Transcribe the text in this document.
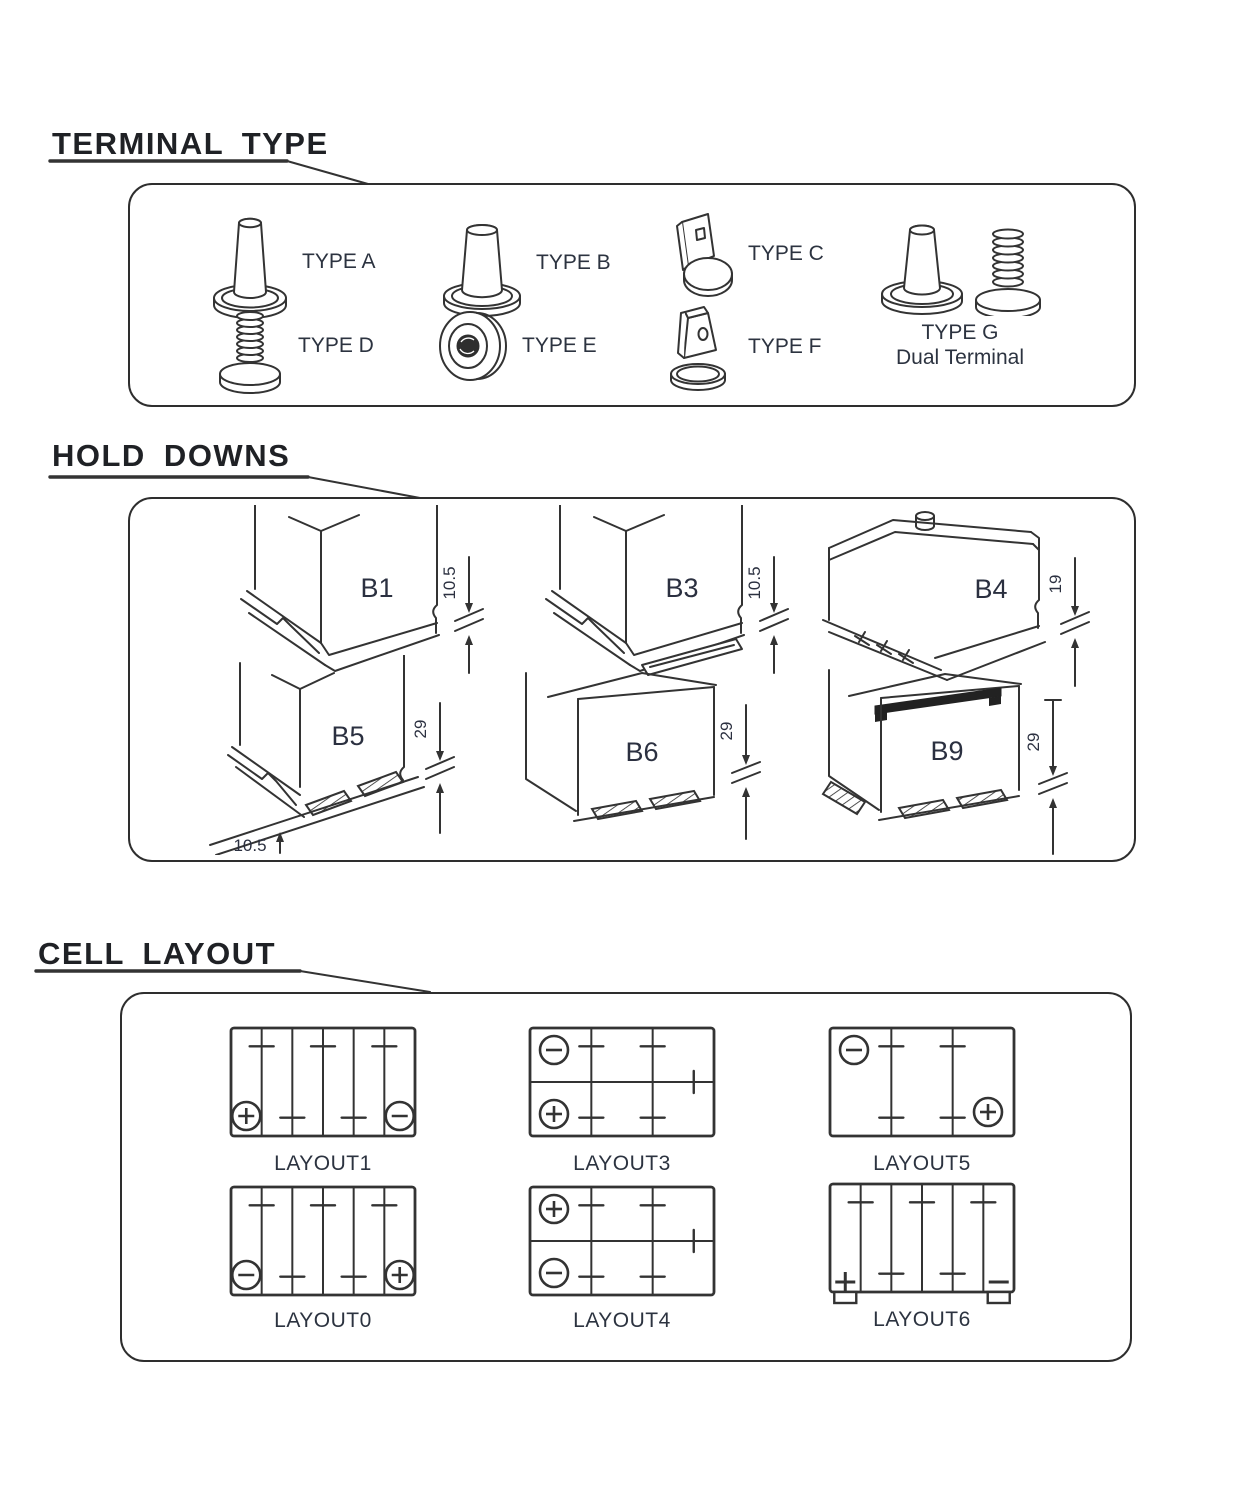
TERMINAL TYPE
TYPE A	TYPE B	TYPE C
TYPE G
Dual Terminal
TYPE D	TYPE E	TYPE F
HOLD DOWNS
B1	10.5	B3	10.5	B4 19
B5	29
10.5
B6
29
B9	29
CELL LAYOUT
LAYOUT1	LAYOUT3	LAYOUT5
LAYOUT0	LAYOUT4	LAYOUT6
